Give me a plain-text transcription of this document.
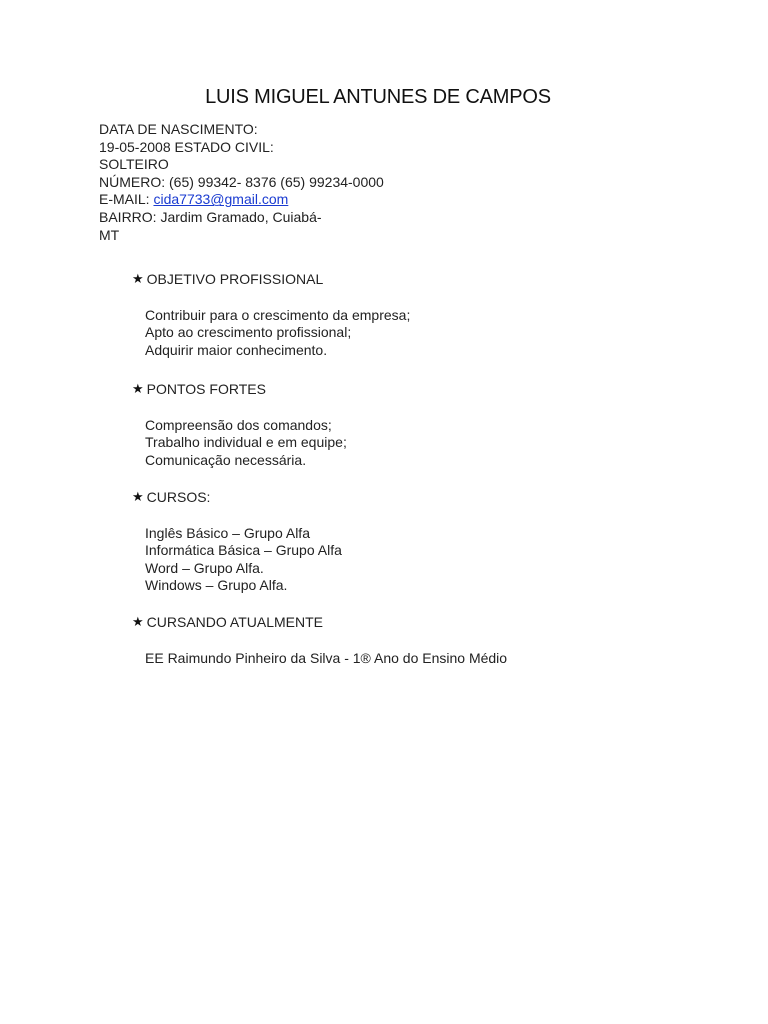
LUIS MIGUEL ANTUNES DE CAMPOS
DATA DE NASCIMENTO:
19-05-2008 ESTADO CIVIL:
SOLTEIRO
NÚMERO: (65) 99342- 8376 (65) 99234-0000
E-MAIL: cida7733@gmail.com
BAIRRO: Jardim Gramado, Cuiabá-
MT
★ OBJETIVO PROFISSIONAL
Contribuir para o crescimento da empresa;
Apto ao crescimento profissional;
Adquirir maior conhecimento.
★ PONTOS FORTES
Compreensão dos comandos;
Trabalho individual e em equipe;
Comunicação necessária.
★ CURSOS:
Inglês Básico – Grupo Alfa
Informática Básica – Grupo Alfa
Word – Grupo Alfa.
Windows – Grupo Alfa.
★ CURSANDO ATUALMENTE
EE Raimundo Pinheiro da Silva - 1® Ano do Ensino Médio
